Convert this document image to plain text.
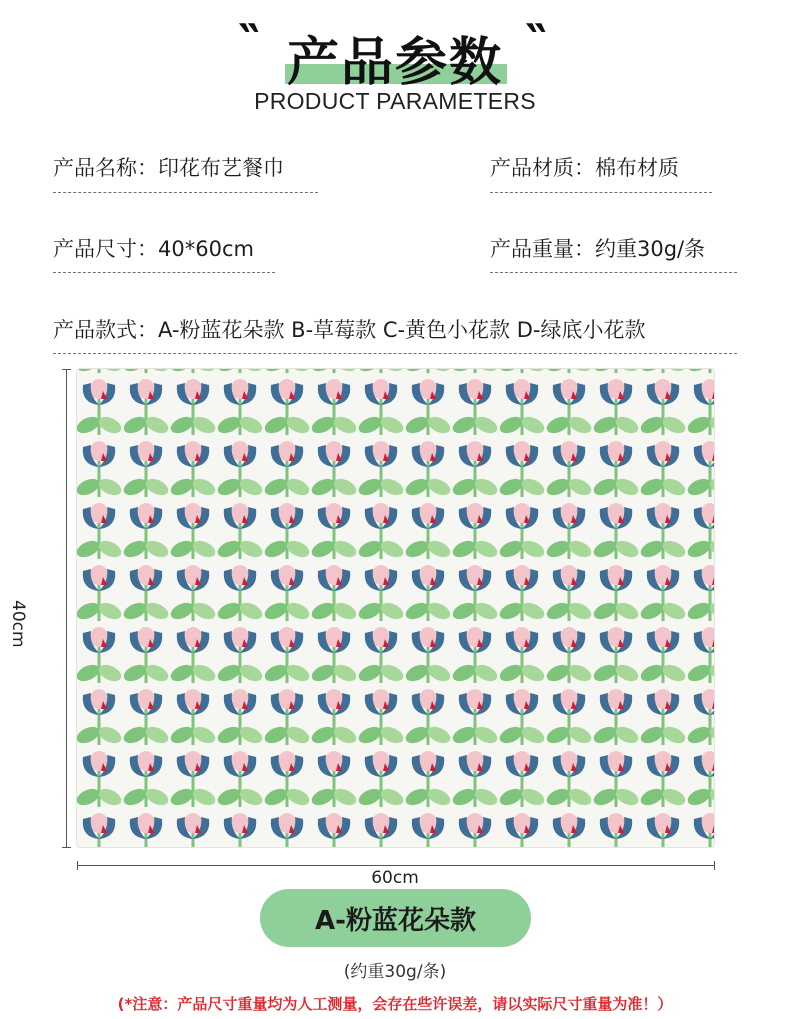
‶	‶
产品参数
PRODUCT PARAMETERS
产品名称：印花布艺餐巾	产品材质：棉布材质
产品尺寸：40*60cm	产品重量：约重30g/条
产品款式：A-粉蓝花朵款 B-草莓款 C-黄色小花款 D-绿底小花款
40cm
60cm
A-粉蓝花朵款
(约重30g/条)
(*注意：产品尺寸重量均为人工测量，会存在些许误差，请以实际尺寸重量为准！）
